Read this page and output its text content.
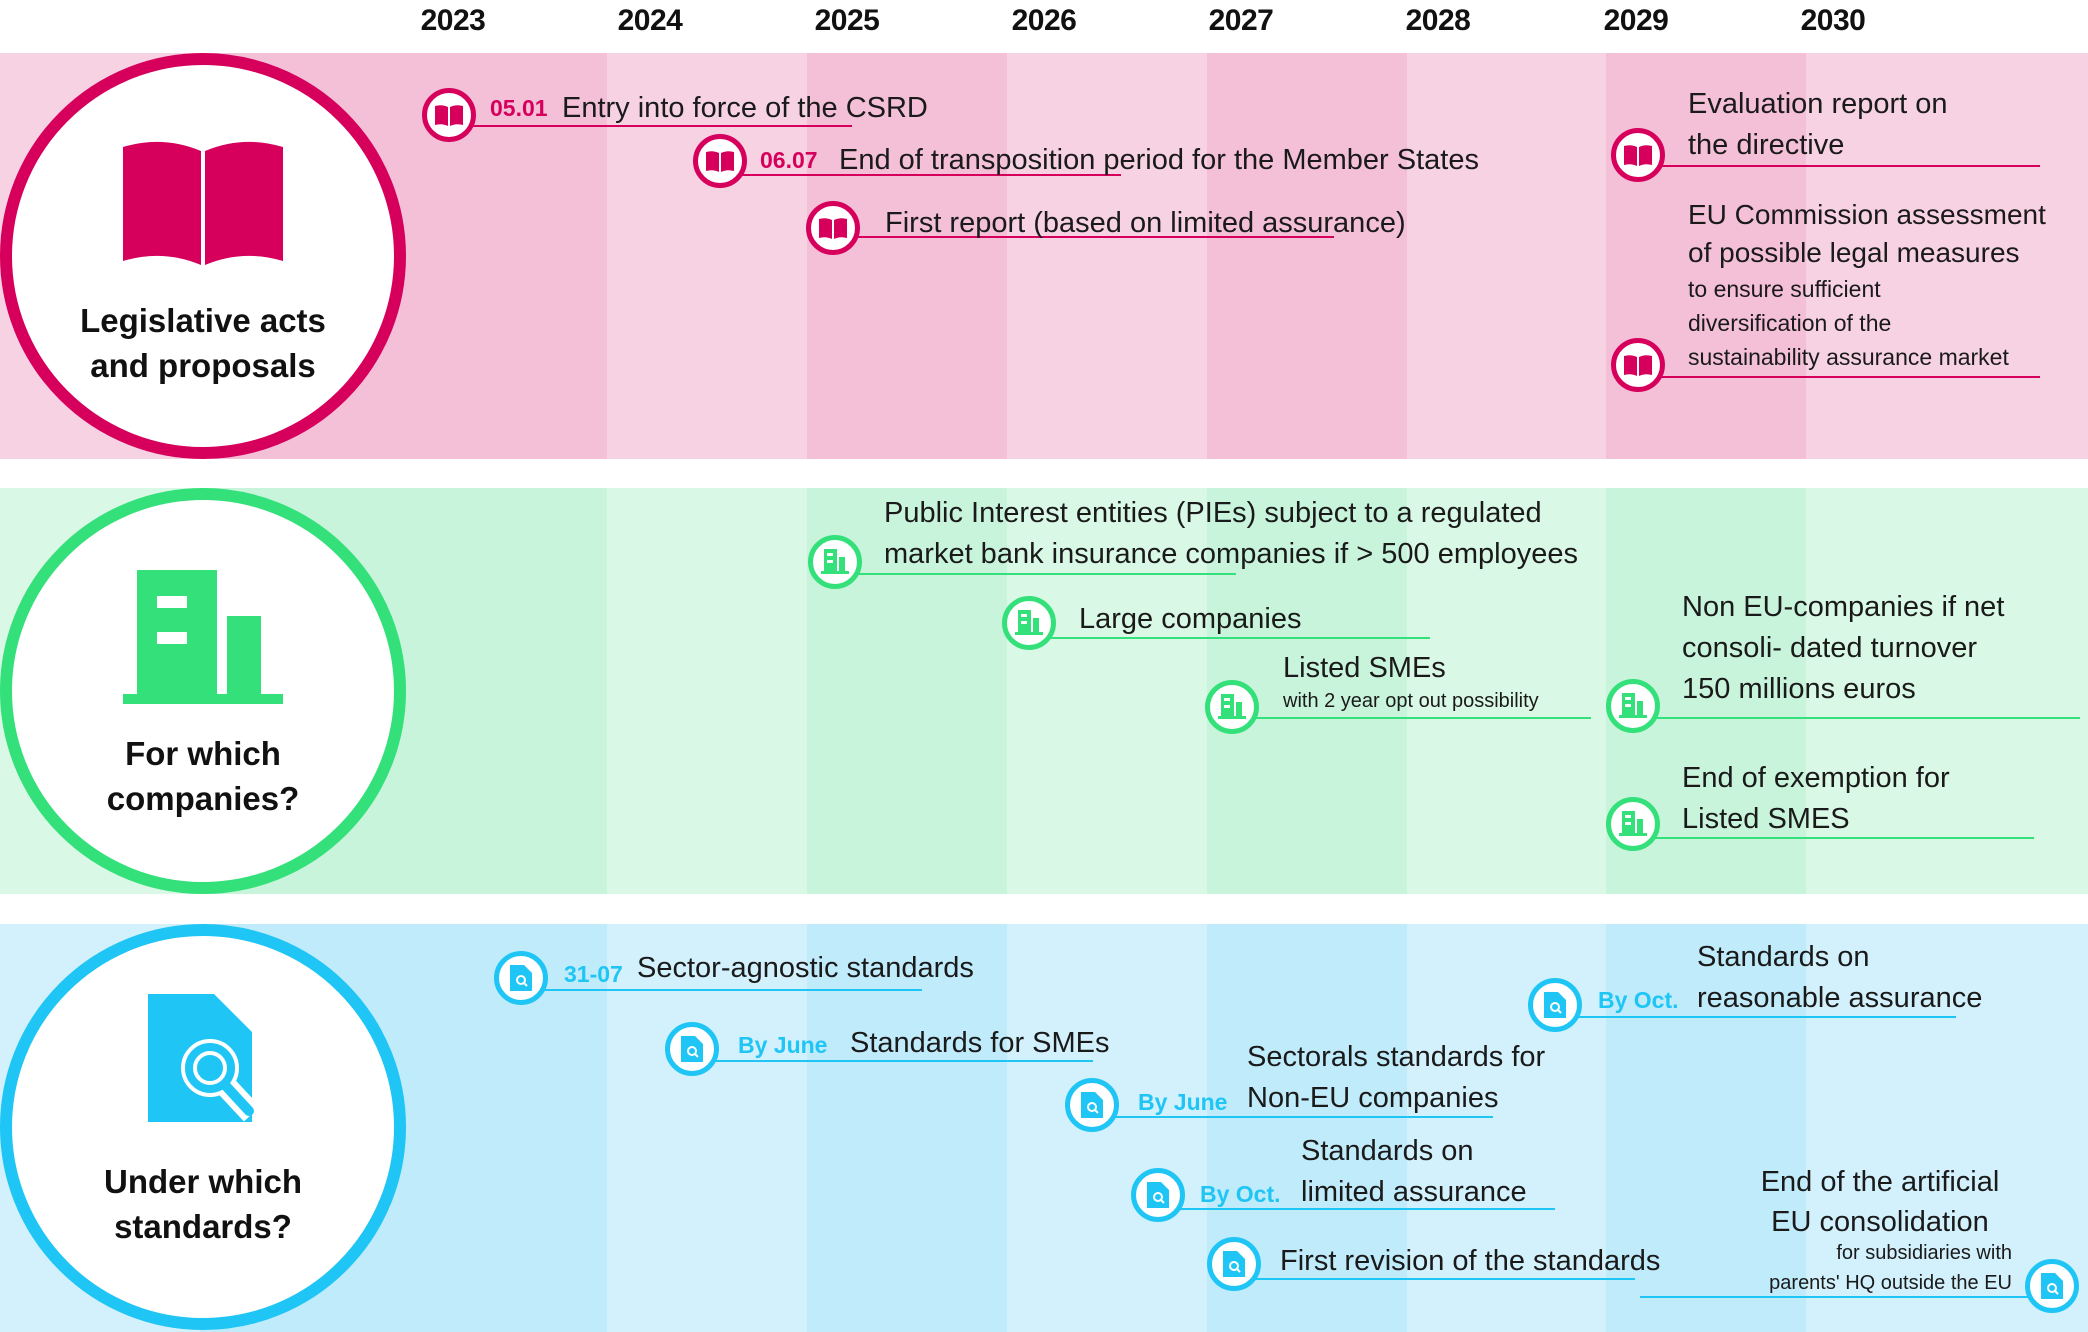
2023	2024	2025	2026	2027	2028	2029	2030
Legislative acts
and proposals
05.01 Entry into force of the CSRD
06.07 End of transposition period for the Member States
First report (based on limited assurance)
Evaluation report on
the directive
EU Commission assessment
of possible legal measures
to ensure sufficient
diversification of the
sustainability assurance market
For which
companies?
Public Interest entities (PIEs) subject to a regulated
market bank insurance companies if > 500 employees
Large companies
Listed SMEs
with 2 year opt out possibility
Non EU-companies if net
consoli- dated turnover
150 millions euros
End of exemption for
Listed SMES
Under which
standards?
31-07 Sector-agnostic standards
By June Standards for SMEs
By June
Sectorals standards for
Non-EU companies
By Oct.
Standards on
limited assurance
First revision of the standards
By Oct.
Standards on
reasonable assurance
End of the artificial
EU consolidation
for subsidiaries with
parents' HQ outside the EU
